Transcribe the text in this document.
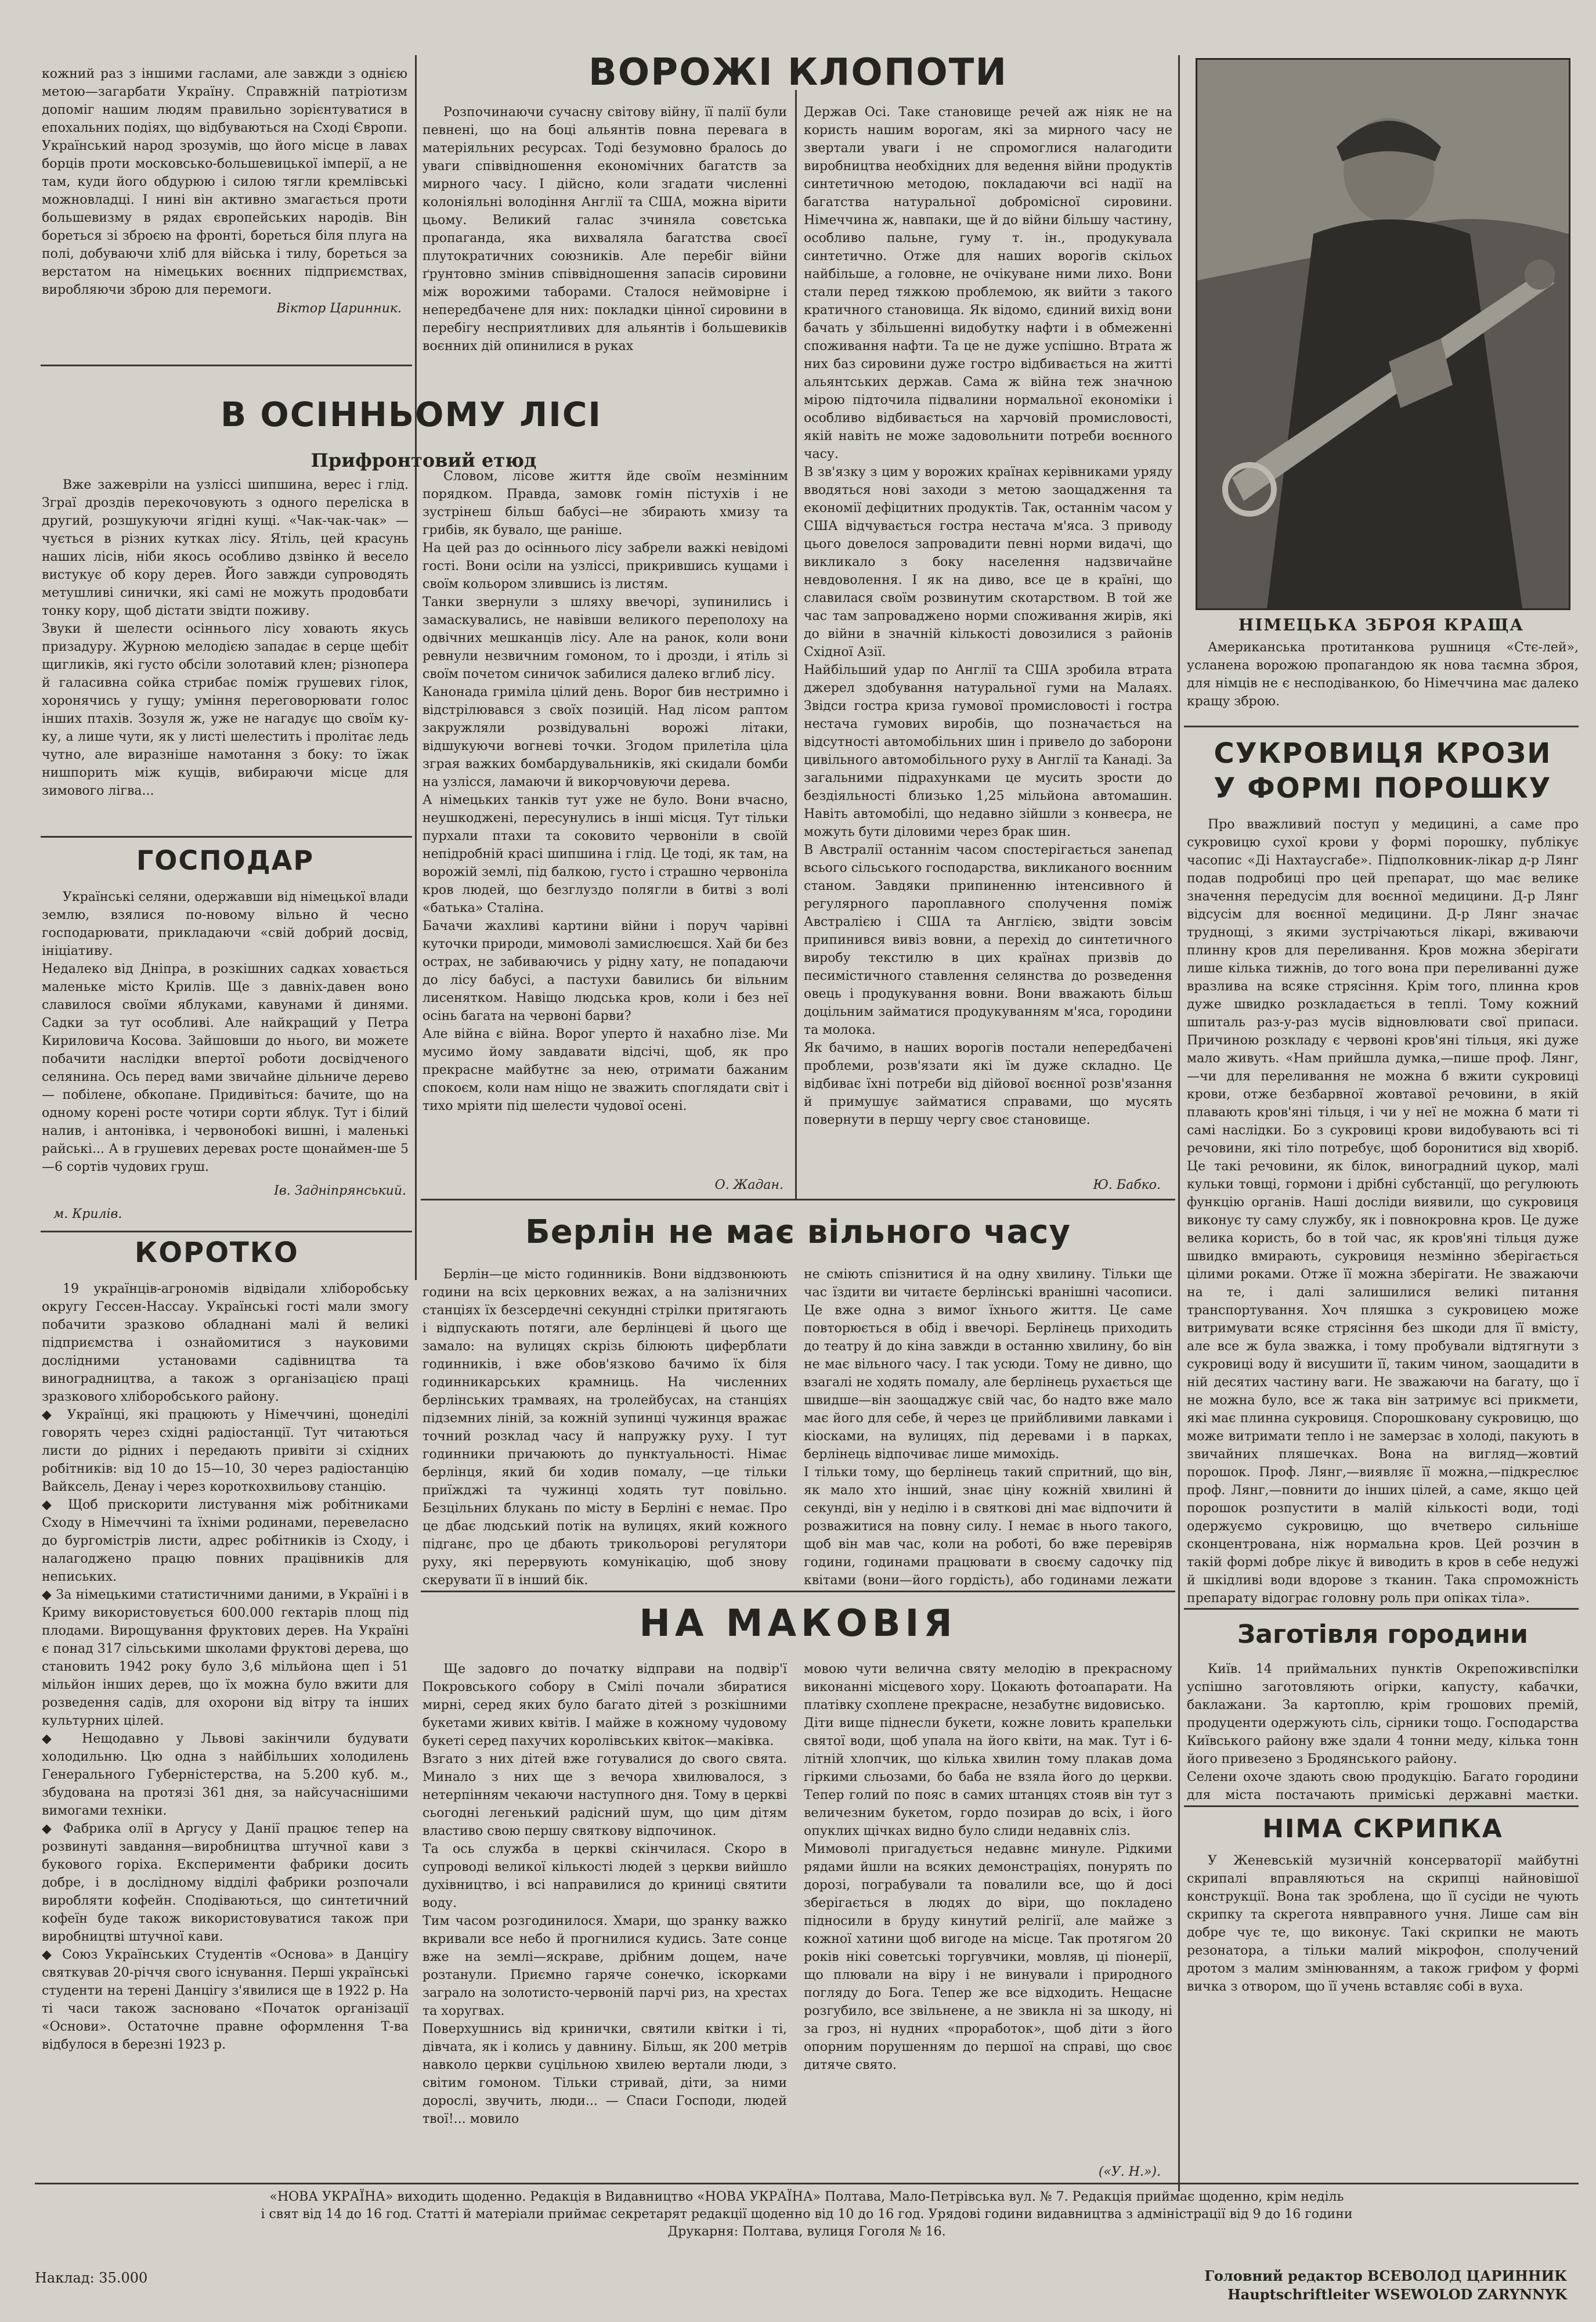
кожний раз з іншими гаслами, але завжди з однією метою—загарбати Україну. Справжній патріотизм допоміг нашим людям правильно зорієнтуватися в епохальних подіях, що відбуваються на Сході Європи. Український народ зрозумів, що його місце в лавах борців проти московсько-большевицької імперії, а не там, куди його обдурюю і силою тягли кремлівські можновладці. І нині він активно змагається проти большевизму в рядах європейських народів. Він бореться зі зброєю на фронті, бореться біля плуга на полі, добуваючи хліб для війська і тилу, бореться за верстатом на німецьких воєнних підприємствах, виробляючи зброю для перемоги.

Віктор Царинник.

ВОРОЖІ КЛОПОТИ

Розпочинаючи сучасну світову війну, її палії були певнені, що на боці альянтів повна перевага в матеріяльних ресурсах. Тоді безумовно бралось до уваги співвідношення економічних багатств за мирного часу. І дійсно, коли згадати численні колоніяльні володіння Англії та США, можна вірити цьому. Великий галас зчиняла совєтська пропаганда, яка вихваляла багатства своєї плутократичних союзників. Але перебіг війни ґрунтовно змінив співвідношення запасів сировини між ворожими таборами. Сталося неймовірне і непередбачене для них: покладки цінної сировини в перебігу несприятливих для альянтів і большевиків воєнних дій опинилися в руках

Держав Осі. Таке становище речей аж ніяк не на користь нашим ворогам, які за мирного часу не звертали уваги і не спромоглися налагодити виробництва необхідних для ведення війни продуктів синтетичною методою, покладаючи всі надії на багатства натуральної добромісної сировини. Німеччина ж, навпаки, ще й до війни більшу частину, особливо пальне, гуму т. ін., продукувала синтетично. Отже для наших ворогів скільох найбільше, а головне, не очікуване ними лихо. Вони стали перед тяжкою проблемою, як вийти з такого кратичного становища. Як відомо, єдиний вихід вони бачать у збільшенні видобутку нафти і в обмеженні споживання нафти. Та це не дуже успішно. Втрата ж них баз сировини дуже гостро відбивається на житті альянтських держав. Сама ж війна теж значною мірою підточила підвалини нормальної економіки і особливо відбивається на харчовій промисловості, якій навіть не може задовольнити потреби воєнного часу.
В зв'язку з цим у ворожих країнах керівниками уряду вводяться нові заходи з метою заощадження та економії дефіцитних продуктів. Так, останнім часом у США відчувається гостра нестача м'яса. З приводу цього довелося запровадити певні норми видачі, що викликало з боку населення надзвичайне невдоволення. І як на диво, все це в країні, що славилася своїм розвинутим скотарством. В той же час там запроваджено норми споживання жирів, які до війни в значній кількості довозилися з районів Східної Азії.
Найбільший удар по Англії та США зробила втрата джерел здобування натуральної гуми на Малаях. Звідси гостра криза гумової промисловості і гостра нестача гумових виробів, що позначається на відсутності автомобільних шин і привело до заборони цивільного автомобільного руху в Англії та Канаді. За загальними підрахунками це мусить зрости до бездіяльності близько 1,25 мільйона автомашин. Навіть автомобілі, що недавно зійшли з конвеєра, не можуть бути діловими через брак шин.
В Австралії останнім часом спостерігається занепад всього сільського господарства, викликаного воєнним станом. Завдяки припиненню інтенсивного й регулярного пароплавного сполучення поміж Австралією і США та Англією, звідти зовсім припинився вивіз вовни, а перехід до синтетичного виробу текстилю в цих країнах призвів до песимістичного ставлення селянства до розведення овець і продукування вовни. Вони вважають більш доцільним займатися продукуванням м'яса, городини та молока.
Як бачимо, в наших ворогів постали непередбачені проблеми, розв'язати які їм дуже складно. Це відбиває їхні потреби від дійової воєнної розв'язання й примушує займатися справами, що мусять повернути в першу чергу своє становище.

Ю. Бабко.
В ОСІННЬОМУ ЛІСІ
Прифронтовий етюд

Вже зажевріли на узліссі шипшина, верес і глід. Зграї дроздів перекочовують з одного переліска в другий, розшукуючи ягідні кущі. «Чак-чак-чак» — чується в різних кутках лісу. Ятіль, цей красунь наших лісів, ніби якось особливо дзвінко й весело вистукує об кору дерев. Його завжди супроводять метушливі синички, які самі не можуть продовбати тонку кору, щоб дістати звідти поживу.
Звуки й шелести осіннього лісу ховають якусь призадуру. Журною мелодією западає в серце щебіт щигликів, які густо обсіли золотавий клен; різнопера й галасивна сойка стрибає поміж грушевих гілок, хоронячись у гущу; уміння переговорювати голос інших птахів. Зозуля ж, уже не нагадує що своїм ку-ку, а лише чути, як у листі шелестить і пролітає ледь чутно, але виразніше намотання з боку: то їжак нишпорить між кущів, вибираючи місце для зимового лігва...

Словом, лісове життя йде своїм незмінним порядком. Правда, замовк гомін пістухів і не зустрінеш більш бабусі—не збирають хмизу та грибів, як бувало, ще раніше.
На цей раз до осіннього лісу забрели важкі невідомі гості. Вони осіли на узліссі, прикрившись кущами і своїм кольором злившись із листям.
Танки звернули з шляху ввечорі, зупинились і замаскувались, не навівши великого переполоху на одвічних мешканців лісу. Але на ранок, коли вони ревнули незвичним гомоном, то і дрозди, і ятіль зі своїм почетом синичок забилися далеко вглиб лісу.
Канонада гриміла цілий день. Ворог бив нестримно і відстрілювався з своїх позицій. Над лісом раптом закружляли розвідувальні ворожі літаки, відшукуючи вогневі точки. Згодом прилетіла ціла зграя важких бомбардувальників, які скидали бомби на узлісся, ламаючи й викорчовуючи дерева.
А німецьких танків тут уже не було. Вони вчасно, неушкоджені, пересунулись в інші місця. Тут тільки пурхали птахи та соковито червоніли в своїй непідробній красі шипшина і глід. Це тоді, як там, на ворожій землі, під балкою, густо і страшно червоніла кров людей, що безглуздо полягли в битві з волі «батька» Сталіна.
Бачачи жахливі картини війни і поруч чарівні куточки природи, мимоволі замислюєшся. Хай би без острах, не забиваючись у рідну хату, не попадаючи до лісу бабусі, а пастухи бавились би вільним лисенятком. Навіщо людська кров, коли і без неї осінь багата на червоні барви?
Але війна є війна. Ворог уперто й нахабно лізе. Ми мусимо йому завдавати відсічі, щоб, як про прекрасне майбутнє за нею, отримати бажаним спокоєм, коли нам ніщо не зважить споглядати світ і тихо мріяти під шелести чудової осені.

О. Жадан.
ГОСПОДАР

Українські селяни, одержавши від німецької влади землю, взялися по-новому вільно й чесно господарювати, прикладаючи «свій добрий досвід, ініціативу.
Недалеко від Дніпра, в розкішних садках ховається маленьке місто Крилів. Ще з давніх-давен воно славилося своїми яблуками, кавунами й динями. Садки за тут особливі. Але найкращий у Петра Кириловича Косова. Зайшовши до нього, ви можете побачити наслідки впертої роботи досвідченого селянина. Ось перед вами звичайне дільниче дерево — побілене, обкопане. Придивіться: бачите, що на одному корені росте чотири сорти яблук. Тут і білий налив, і антонівка, і червонобокі вишні, і маленькі райські... А в грушевих деревах росте щонаймен-ше 5—6 сортів чудових груш.

Ів. Задніпрянський.
м. Крилів.
КОРОТКО

19 українців-агрономів відвідали хліборобську округу Гессен-Нассау. Українські гості мали змогу побачити зразково обладнані малі й великі підприємства і ознайомитися з науковими дослідними установами садівництва та виноградництва, а також з організацією праці зразкового хліборобського району.
◆ Українці, які працюють у Німеччині, щонеділі говорять через східні радіостанції. Тут читаються листи до рідних і передають привіти зі східних робітників: від 10 до 15—10, 30 через радіостанцію Вайксель, Денау і через короткохвильову станцію.
◆ Щоб прискорити листування між робітниками Сходу в Німеччині та їхніми родинами, перевеласно до бургомістрів листи, адрес робітників із Сходу, і налагоджено працю повних працівників для непиських.
◆ За німецькими статистичними даними, в Україні і в Криму використовується 600.000 гектарів площ під плодами. Вирощування фруктових дерев. На Україні є понад 317 сільськими школами фруктові дерева, що становить 1942 року було 3,6 мільйона щеп і 51 мільйон інших дерев, що їх можна було вжити для розведення садів, для охорони від вітру та інших культурних цілей.
◆ Нещодавно у Львові закінчили будувати холодильню. Цю одна з найбільших холодилень Генерального Губерністерства, на 5.200 куб. м., збудована на протязі 361 дня, за найсучаснішими вимогами техніки.
◆ Фабрика олії в Аргусу у Данії працює тепер на розвинуті завдання—виробництва штучної кави з букового горіха. Експерименти фабрики досить добре, і в дослідному відділі фабрики розпочали виробляти кофейн. Сподіваються, що синтетичний кофеїн буде також використовуватися також при виробництві штучної кави.
◆ Союз Українських Студентів «Основа» в Данцігу святкував 20-річчя свого існування. Перші українські студенти на терені Данцігу з'явилися ще в 1922 р. На ті часи також засновано «Початок організації «Основи». Остаточне правне оформлення Т-ва відбулося в березні 1923 р.

Берлін не має вільного часу

Берлін—це місто годинників. Вони віддзвонюють години на всіх церковних вежах, а на залізничних станціях їх безсердечні секундні стрілки притягають і відпускають потяги, але берлінцеві й цього ще замало: на вулицях скрізь білюють циферблати годинників, і вже обов'язково бачимо їх біля годинникарських крамниць. На численних берлінських трамваях, на тролейбусах, на станціях підземних ліній, за кожній зупинці чужинця вражає точний розклад часу й напружку руху. І тут годинники причаюють до пунктуальності. Німає берлінця, який би ходив помалу, —це тільки приїжджі та чужинці ходять тут повільно. Безцільних блукань по місту в Берліні є немає. Про це дбає людський потік на вулицях, який кожного підганє, про це дбають трикольорові регулятори руху, які перервують комунікацію, щоб знову скерувати її в інший бік.

не сміють спізнитися й на одну хвилину. Тільки ще час їздити ви читаєте берлінські вранішні часописи. Це вже одна з вимог їхнього життя. Це саме повторюється в обід і ввечорі. Берлінець приходить до театру й до кіна завжди в останню хвилину, бо він не має вільного часу. І так усюди. Тому не дивно, що взагалі не ходять помалу, але берлінець рухається ще швидше—він заощаджує свій час, бо надто вже мало має його для себе, й через це прийбливими лавками і кіосками, на вулицях, під деревами і в парках, берлінець відпочиває лише мимохідь.
І тільки тому, що берлінець такий спритний, що він, як мало хто інший, знає ціну кожній хвилині й секунді, він у неділю і в святкові дні має відпочити й розважитися на повну силу. І немає в нього такого, щоб він мав час, коли на роботі, бо вже перевіряв години, годинами працювати в своєму садочку під квітами (вони—його гордість), або годинами лежати

НА МАКОВІЯ

Ще задовго до початку відправи на подвір'ї Покровського собору в Смілі почали збиратися мирні, серед яких було багато дітей з розкішними букетами живих квітів. І майже в кожному чудовому букеті серед пахучих королівських квіток—маківка.
Взгато з них дітей вже готувалися до свого свята. Минало з них ще з вечора хвилювалося, з нетерпінням чекаючи наступного дня. Тому в церкві сьогодні легенький радісний шум, що цим дітям властиво свою першу святкову відпочинок.
Та ось служба в церкві скінчилася. Скоро в супроводі великої кількості людей з церкви вийшло духівництво, і всі направилися до криниці святити воду.
Тим часом розгодинилося. Хмари, що зранку важко вкривали все небо й прогнилися кудись. Зате сонце вже на землі—яскраве, дрібним дощем, наче розтанули. Приємно гаряче сонечко, іскорками заграло на золотисто-червоній парчі риз, на хрестах та хоругвах.
Поверхушнись від кринички, святили квітки і ті, дівчата, як і колись у давнину. Більш, як 200 метрів навколо церкви суцільною хвилею вертали люди, з світим гомоном. Тільки стривай, діти, за ними дорослі, звучить, люди... — Спаси Господи, людей твої!... мовило

мовою чути велична святу мелодію в прекрасному виконанні місцевого хору. Цокають фотоапарати. На платівку схоплене прекрасне, незабутнє видовисько.
Діти вище піднесли букети, кожне ловить крапельки святої води, щоб упала на його квіти, на мак. Тут і 6-літній хлопчик, що кілька хвилин тому плакав дома гіркими сльозами, бо баба не взяла його до церкви. Тепер голий по пояс в самих штанцях стояв він тут з величезним букетом, гордо позирав до всіх, і його опуклих щічках видно було слиди недавніх сліз.
Мимоволі пригадується недавнє минуле. Рідкими рядами йшли на всяких демонстраціях, понурять по дорозі, пограбували та повалили все, що й досі зберігається в людях до віри, що покладено підносили в бруду кинутий релігії, але майже з кожної хатини щоб вигоде на місце. Так протягом 20 років нікі советські торгувчики, мовляв, ці піонерії, що плювали на віру і не винували і природного погляду до Бога. Тепер же все відходить. Нещасне розгубило, все звільнене, а не звикла ні за шкоду, ні за гроз, ні нудних «проработок», щоб діти з його опорним порушенням до першої на справі, що своє дитяче свято.

(«У. Н.»).
НІМЕЦЬКА ЗБРОЯ КРАЩА

Американська протитанкова рушниця «Стє-лей», усланена ворожою пропагандою як нова таємна зброя, для німців не є несподіванкою, бо Німеччина має далеко кращу зброю.

СУКРОВИЦЯ КРОЗИ
У ФОРМІ ПОРОШКУ

Про вважливий поступ у медицині, а саме про сукровицю сухої крови у формі порошку, публікує часопис «Ді Нахтаусгабе». Підполковник-лікар д-р Лянг подав подробиці про цей препарат, що має велике значення передусім для воєнної медицини. Д-р Лянг відсусім для воєнної медицини. Д-р Лянг значає труднощі, з якими зустрічаються лікарі, вживаючи плинну кров для переливання. Кров можна зберігати лише кілька тижнів, до того вона при переливанні дуже вразлива на всяке стрясіння. Крім того, плинна кров дуже швидко розкладається в теплі. Тому кожний шпиталь раз-у-раз мусів відновлювати свої припаси. Причиною розкладу є червоні кров'яні тільця, які дуже мало живуть. «Нам прийшла думка,—пише проф. Лянг,—чи для переливання не можна б вжити сукровиці крови, отже безбарвної жовтавої речовини, в якій плавають кров'яні тільця, і чи у неї не можна б мати ті самі наслідки. Бо з сукровиці крови видобувають всі ті речовини, які тіло потребує, щоб боронитися від хворіб. Це такі речовини, як білок, виноградний цукор, малі кульки товщі, гормони і дрібні субстанції, що регулюють функцію органів. Наші досліди виявили, що сукровиця виконує ту саму службу, як і повнокровна кров. Це дуже велика користь, бо в той час, як кров'яні тільця дуже швидко вмирають, сукровиця незмінно зберігається цілими роками. Отже її можна зберігати. Не зважаючи на те, і далі залишилися великі питання транспортування. Хоч пляшка з сукровицею може витримувати всяке стрясіння без шкоди для її вмісту, але все ж була зважка, і тому пробували відтягнути з сукровиці воду й висушити її, таким чином, заощадити в ній десятих частину ваги. Не зважаючи на багату, що ї не можна було, все ж така він затримує всі прикмети, які має плинна сукровиця. Спорошковану сукровицю, що може витримати тепло і не замерзає в холоді, пакують в звичайних пляшечках. Вона на вигляд—жовтий порошок. Проф. Лянг,—виявляє її можна,—підкреслює проф. Лянг,—повнити до інших цілей, а саме, якщо цей порошок розпустити в малій кількості води, тоді одержуємо сукровицю, що вчетверо сильніше сконцентрована, ніж нормальна кров. Цей розчин в такій формі добре лікує й виводить в кров в себе недужі й шкідливі води вдорове з тканин. Така спроможність препарату відограє головну роль при опіках тіла».

Заготівля городини

Київ. 14 приймальних пунктів Окрепоживспілки успішно заготовляють огірки, капусту, кабачки, баклажани. За картоплю, крім грошових премій, продуценти одержують сіль, сірники тощо. Господарства Київського району вже здали 4 тонни меду, кілька тонн його привезено з Бродянського району.
Селени охоче здають свою продукцію. Багато городини для міста постачають приміські державні маєтки.

НІМА СКРИПКА

У Женевській музичній консерваторії майбутні скрипалі вправляються на скрипці найновішої конструкції. Вона так зроблена, що її сусіди не чують скрипку та скрегота нявправного учня. Лише сам він добре чує те, що виконує. Такі скрипки не мають резонатора, а тільки малий мікрофон, сполучений дротом з малим змінюванням, а також грифом у формі вичка з отвором, що її учень вставляє собі в вуха.

«НОВА УКРАЇНА» виходить щоденно. Редакція в Видавництво «НОВА УКРАЇНА» Полтава, Мало-Петрівська вул. № 7. Редакція приймає щоденно, крім неділь
і свят від 14 до 16 год. Статті й матеріали приймає секретарят редакції щоденно від 10 до 16 год. Урядові години видавництва з адміністрації від 9 до 16 години
Друкарня: Полтава, вулиця Гоголя № 16.
Наклад: 35.000	Головний редактор ВСЕВОЛОД ЦАРИННИК
Hauptschriftleiter WSEWOLOD ZARYNNYK
